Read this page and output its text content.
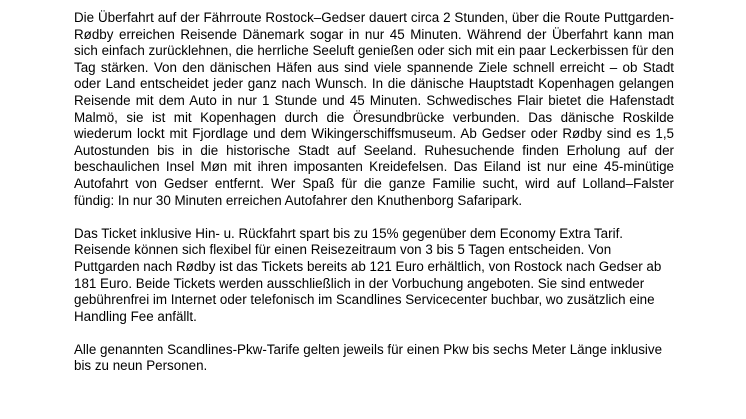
Die Überfahrt auf der Fährroute Rostock–Gedser dauert circa 2 Stunden, über die Route Puttgarden-Rødby erreichen Reisende Dänemark sogar in nur 45 Minuten. Während der Überfahrt kann man sich einfach zurücklehnen, die herrliche Seeluft genießen oder sich mit ein paar Leckerbissen für den Tag stärken. Von den dänischen Häfen aus sind viele spannende Ziele schnell erreicht – ob Stadt oder Land entscheidet jeder ganz nach Wunsch. In die dänische Hauptstadt Kopenhagen gelangen Reisende mit dem Auto in nur 1 Stunde und 45 Minuten. Schwedisches Flair bietet die Hafenstadt Malmö, sie ist mit Kopenhagen durch die Öresundbrücke verbunden. Das dänische Roskilde wiederum lockt mit Fjordlage und dem Wikingerschiffsmuseum. Ab Gedser oder Rødby sind es 1,5 Autostunden bis in die historische Stadt auf Seeland. Ruhesuchende finden Erholung auf der beschaulichen Insel Møn mit ihren imposanten Kreidefelsen. Das Eiland ist nur eine 45-minütige Autofahrt von Gedser entfernt. Wer Spaß für die ganze Familie sucht, wird auf Lolland–Falster fündig: In nur 30 Minuten erreichen Autofahrer den Knuthenborg Safaripark.

Das Ticket inklusive Hin- u. Rückfahrt spart bis zu 15% gegenüber dem Economy Extra Tarif. Reisende können sich flexibel für einen Reisezeitraum von 3 bis 5 Tagen entscheiden. Von Puttgarden nach Rødby ist das Tickets bereits ab 121 Euro erhältlich, von Rostock nach Gedser ab 181 Euro. Beide Tickets werden ausschließlich in der Vorbuchung angeboten. Sie sind entweder gebührenfrei im Internet oder telefonisch im Scandlines Servicecenter buchbar, wo zusätzlich eine Handling Fee anfällt.

Alle genannten Scandlines-Pkw-Tarife gelten jeweils für einen Pkw bis sechs Meter Länge inklusive bis zu neun Personen.
